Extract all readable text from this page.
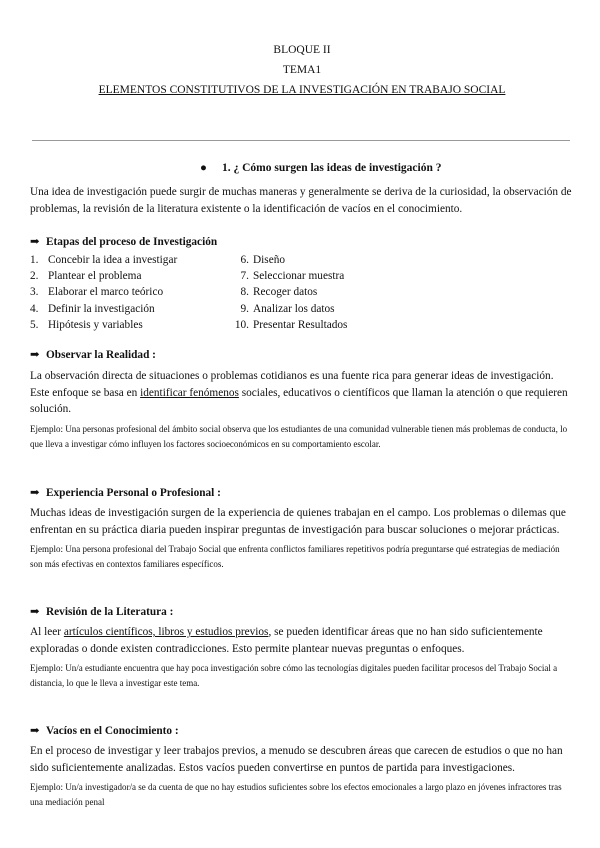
BLOQUE II
TEMA1
ELEMENTOS CONSTITUTIVOS DE LA INVESTIGACIÓN EN TRABAJO SOCIAL
● 1. ¿ Cómo surgen las ideas de investigación ?

Una idea de investigación puede surgir de muchas maneras y generalmente se deriva de la curiosidad, la observación de problemas, la revisión de la literatura existente o la identificación de vacíos en el conocimiento.

➡ Etapas del proceso de Investigación
1. Concebir la idea a investigar
2. Plantear el problema
3. Elaborar el marco teórico
4. Definir la investigación
5. Hipótesis y variables
6. Diseño
7. Seleccionar muestra
8. Recoger datos
9. Analizar los datos
10. Presentar Resultados
➡ Observar la Realidad :

La observación directa de situaciones o problemas cotidianos es una fuente rica para generar ideas de investigación. Este enfoque se basa en identificar fenómenos sociales, educativos o científicos que llaman la atención o que requieren solución.

Ejemplo: Una personas profesional del ámbito social observa que los estudiantes de una comunidad vulnerable tienen más problemas de conducta, lo que lleva a investigar cómo influyen los factores socioeconómicos en su comportamiento escolar.

➡ Experiencia Personal o Profesional :

Muchas ideas de investigación surgen de la experiencia de quienes trabajan en el campo. Los problemas o dilemas que enfrentan en su práctica diaria pueden inspirar preguntas de investigación para buscar soluciones o mejorar prácticas.

Ejemplo: Una persona profesional del Trabajo Social que enfrenta conflictos familiares repetitivos podría preguntarse qué estrategias de mediación son más efectivas en contextos familiares específicos.

➡ Revisión de la Literatura :

Al leer artículos científicos, libros y estudios previos, se pueden identificar áreas que no han sido suficientemente exploradas o donde existen contradicciones. Esto permite plantear nuevas preguntas o enfoques.

Ejemplo: Un/a estudiante encuentra que hay poca investigación sobre cómo las tecnologías digitales pueden facilitar procesos del Trabajo Social a distancia, lo que le lleva a investigar este tema.

➡ Vacíos en el Conocimiento :

En el proceso de investigar y leer trabajos previos, a menudo se descubren áreas que carecen de estudios o que no han sido suficientemente analizadas. Estos vacíos pueden convertirse en puntos de partida para investigaciones.

Ejemplo: Un/a investigador/a se da cuenta de que no hay estudios suficientes sobre los efectos emocionales a largo plazo en jóvenes infractores tras una mediación penal
